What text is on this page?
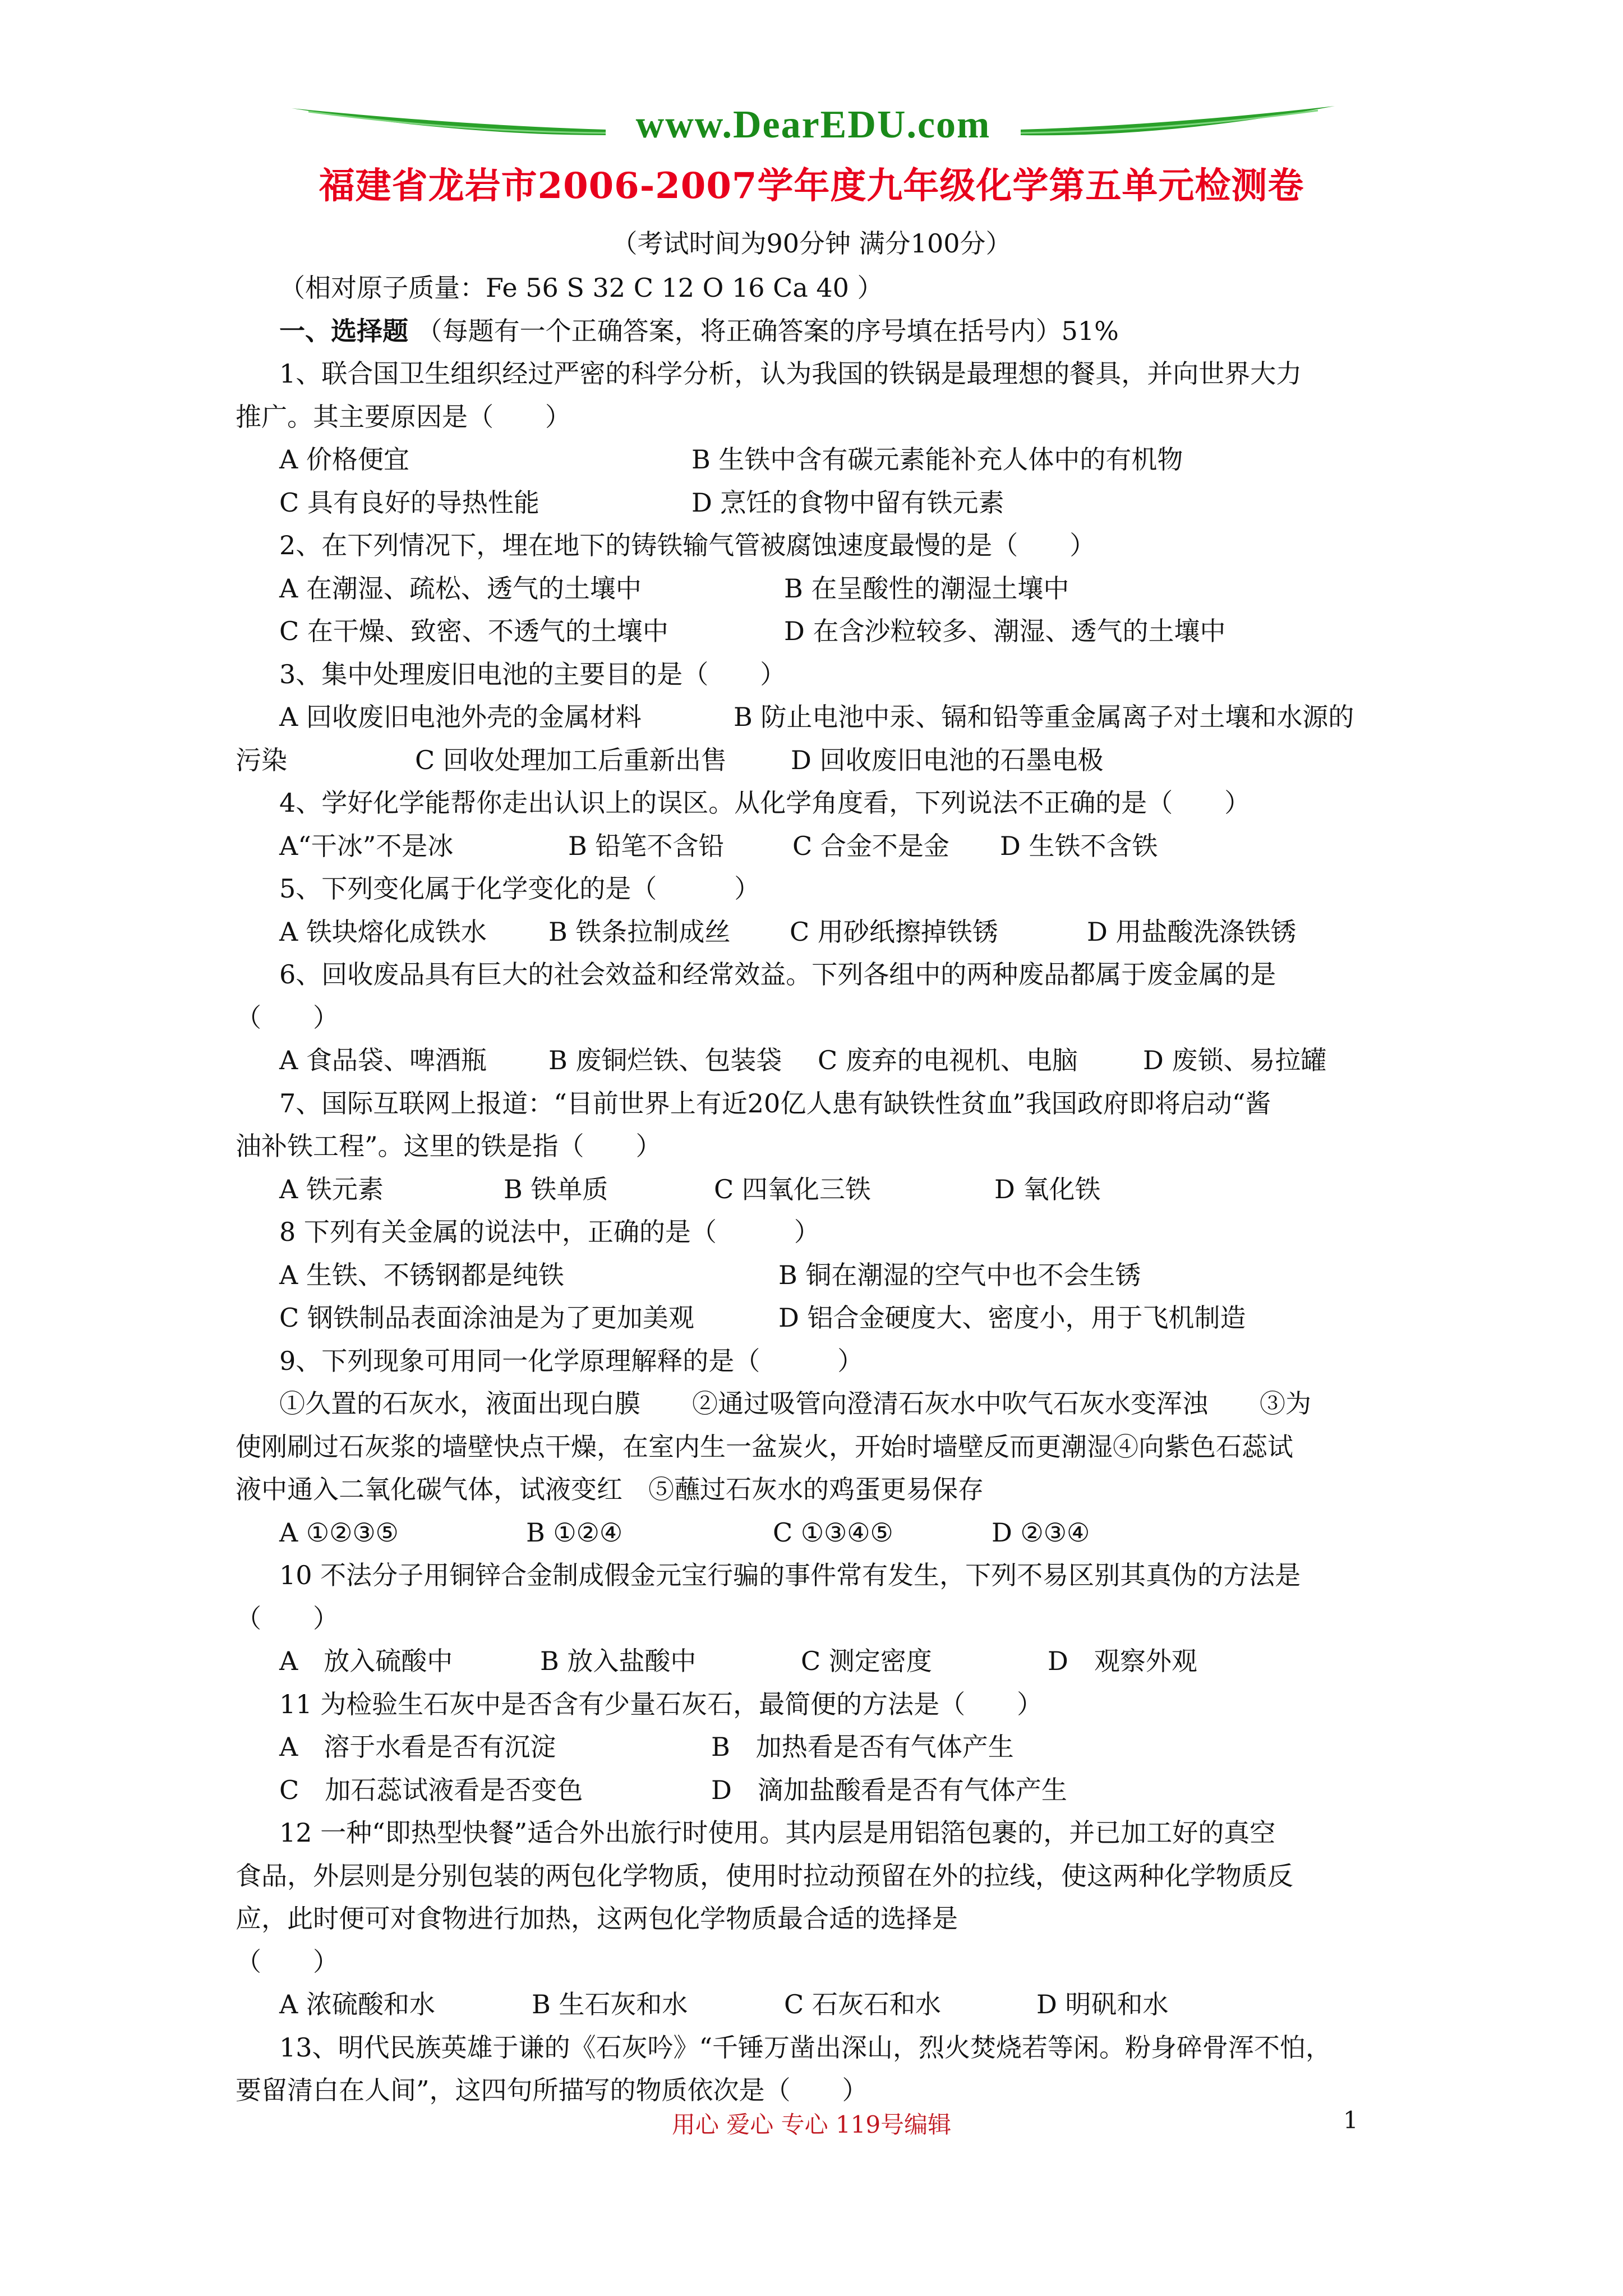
www.DearEDU.com
福建省龙岩市2006-2007学年度九年级化学第五单元检测卷
（考试时间为90分钟 满分100分）
（相对原子质量：Fe 56 S 32 C 12 O 16 Ca 40 ）
一、选择题 （每题有一个正确答案，将正确答案的序号填在括号内）51%
1、联合国卫生组织经过严密的科学分析，认为我国的铁锅是最理想的餐具，并向世界大力
推广。其主要原因是（　　）
A 价格便宜	B 生铁中含有碳元素能补充人体中的有机物
C 具有良好的导热性能	D 烹饪的食物中留有铁元素
2、在下列情况下，埋在地下的铸铁输气管被腐蚀速度最慢的是（　　）
A 在潮湿、疏松、透气的土壤中	B 在呈酸性的潮湿土壤中
C 在干燥、致密、不透气的土壤中	D 在含沙粒较多、潮湿、透气的土壤中
3、集中处理废旧电池的主要目的是（　　）
A 回收废旧电池外壳的金属材料	B 防止电池中汞、镉和铅等重金属离子对土壤和水源的
污染	C 回收处理加工后重新出售	D 回收废旧电池的石墨电极
4、学好化学能帮你走出认识上的误区。从化学角度看，下列说法不正确的是（　　）
A“干冰”不是冰	B 铅笔不含铅	C 合金不是金	D 生铁不含铁
5、下列变化属于化学变化的是（　　　）
A 铁块熔化成铁水	B 铁条拉制成丝	C 用砂纸擦掉铁锈	D 用盐酸洗涤铁锈
6、回收废品具有巨大的社会效益和经常效益。下列各组中的两种废品都属于废金属的是
（　　）
A 食品袋、啤酒瓶	B 废铜烂铁、包装袋	C 废弃的电视机、电脑	D 废锁、易拉罐
7、国际互联网上报道：“目前世界上有近20亿人患有缺铁性贫血”我国政府即将启动“酱
油补铁工程”。这里的铁是指（　　）
A 铁元素	B 铁单质	C 四氧化三铁	D 氧化铁
8 下列有关金属的说法中，正确的是（　　　）
A 生铁、不锈钢都是纯铁	B 铜在潮湿的空气中也不会生锈
C 钢铁制品表面涂油是为了更加美观	D 铝合金硬度大、密度小，用于飞机制造
9、下列现象可用同一化学原理解释的是（　　　）
①久置的石灰水，液面出现白膜　　②通过吸管向澄清石灰水中吹气石灰水变浑浊　　③为
使刚刷过石灰浆的墙壁快点干燥，在室内生一盆炭火，开始时墙壁反而更潮湿④向紫色石蕊试
液中通入二氧化碳气体，试液变红　⑤蘸过石灰水的鸡蛋更易保存
A ①②③⑤	B ①②④	C ①③④⑤	D ②③④
10 不法分子用铜锌合金制成假金元宝行骗的事件常有发生，下列不易区别其真伪的方法是
（　　）
A　放入硫酸中	B 放入盐酸中	C 测定密度	D　观察外观
11 为检验生石灰中是否含有少量石灰石，最简便的方法是（　　）
A　溶于水看是否有沉淀	B　加热看是否有气体产生
C　加石蕊试液看是否变色	D　滴加盐酸看是否有气体产生
12 一种“即热型快餐”适合外出旅行时使用。其内层是用铝箔包裹的，并已加工好的真空
食品，外层则是分别包装的两包化学物质，使用时拉动预留在外的拉线，使这两种化学物质反
应，此时便可对食物进行加热，这两包化学物质最合适的选择是
（　　）
A 浓硫酸和水	B 生石灰和水	C 石灰石和水	D 明矾和水
13、明代民族英雄于谦的《石灰吟》“千锤万凿出深山，烈火焚烧若等闲。粉身碎骨浑不怕，
要留清白在人间”，这四句所描写的物质依次是（　　）
用心 爱心 专心 119号编辑	1
